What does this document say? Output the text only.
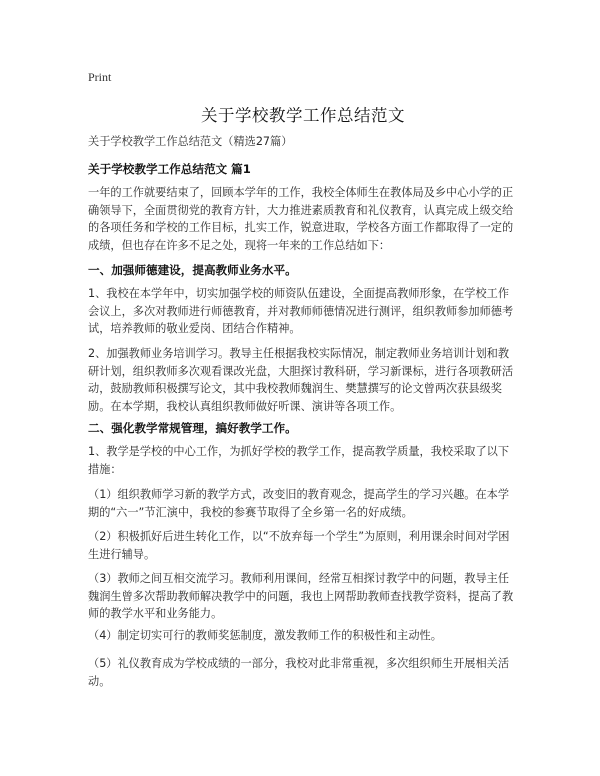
Print
关于学校教学工作总结范文

关于学校教学工作总结范文（精选27篇）

关于学校教学工作总结范文 篇1

一年的工作就要结束了，回顾本学年的工作，我校全体师生在教体局及乡中心小学的正确领导下，全面贯彻党的教育方针，大力推进素质教育和礼仪教育，认真完成上级交给的各项任务和学校的工作目标，扎实工作，锐意进取，学校各方面工作都取得了一定的成绩，但也存在许多不足之处，现将一年来的工作总结如下：

一、加强师德建设，提高教师业务水平。

1、我校在本学年中，切实加强学校的师资队伍建设，全面提高教师形象，在学校工作会议上，多次对教师进行师德教育，并对教师师德情况进行测评，组织教师参加师德考试，培养教师的敬业爱岗、团结合作精神。

2、加强教师业务培训学习。教导主任根据我校实际情况，制定教师业务培训计划和教研计划，组织教师多次观看课改光盘，大胆探讨教科研，学习新课标，进行各项教研活动，鼓励教师积极撰写论文，其中我校教师魏润生、樊慧撰写的论文曾两次获县级奖励。在本学期，我校认真组织教师做好听课、演讲等各项工作。

二、强化教学常规管理，搞好教学工作。

1、教学是学校的中心工作，为抓好学校的教学工作，提高教学质量，我校采取了以下措施：

（1）组织教师学习新的教学方式，改变旧的教育观念，提高学生的学习兴趣。在本学期的“六一”节汇演中，我校的参赛节取得了全乡第一名的好成绩。

（2）积极抓好后进生转化工作，以“不放弃每一个学生”为原则，利用课余时间对学困生进行辅导。

（3）教师之间互相交流学习。教师利用课间，经常互相探讨教学中的问题，教导主任魏润生曾多次帮助教师解决教学中的问题，我也上网帮助教师查找教学资料，提高了教师的教学水平和业务能力。

（4）制定切实可行的教师奖惩制度，激发教师工作的积极性和主动性。

（5）礼仪教育成为学校成绩的一部分，我校对此非常重视，多次组织师生开展相关活动。
